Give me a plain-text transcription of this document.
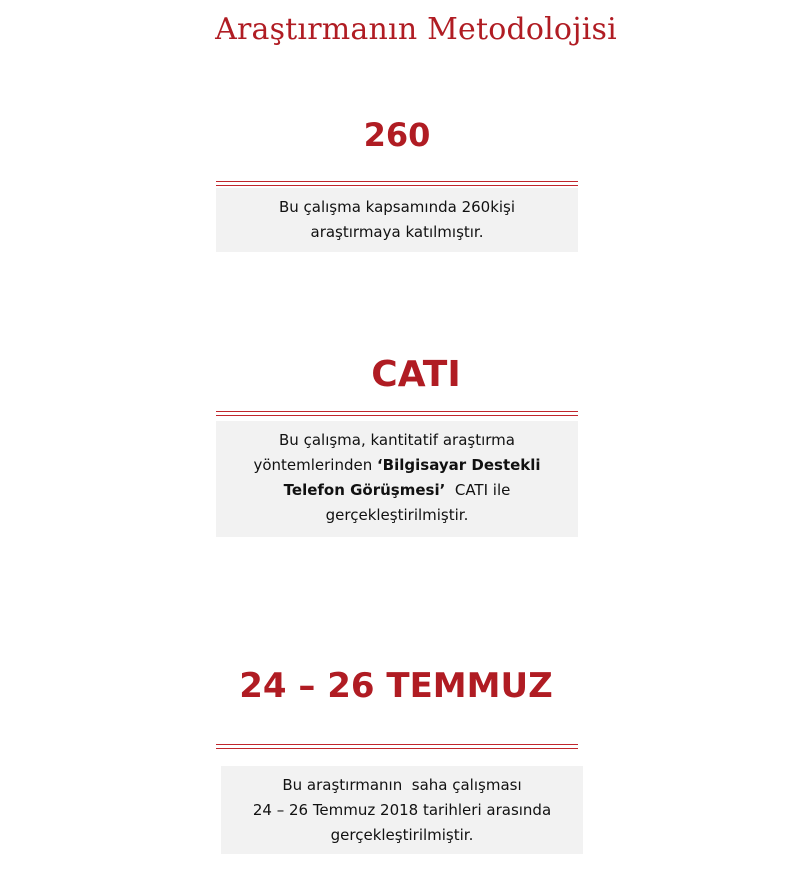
Araştırmanın Metodolojisi
260
Bu çalışma kapsamında 260kişi
araştırmaya katılmıştır.
CATI
Bu çalışma, kantitatif araştırma
yöntemlerinden ‘Bilgisayar Destekli
Telefon Görüşmesi’  CATI ile
gerçekleştirilmiştir.
24 – 26 TEMMUZ
Bu araştırmanın  saha çalışması
24 – 26 Temmuz 2018 tarihleri arasında
gerçekleştirilmiştir.
